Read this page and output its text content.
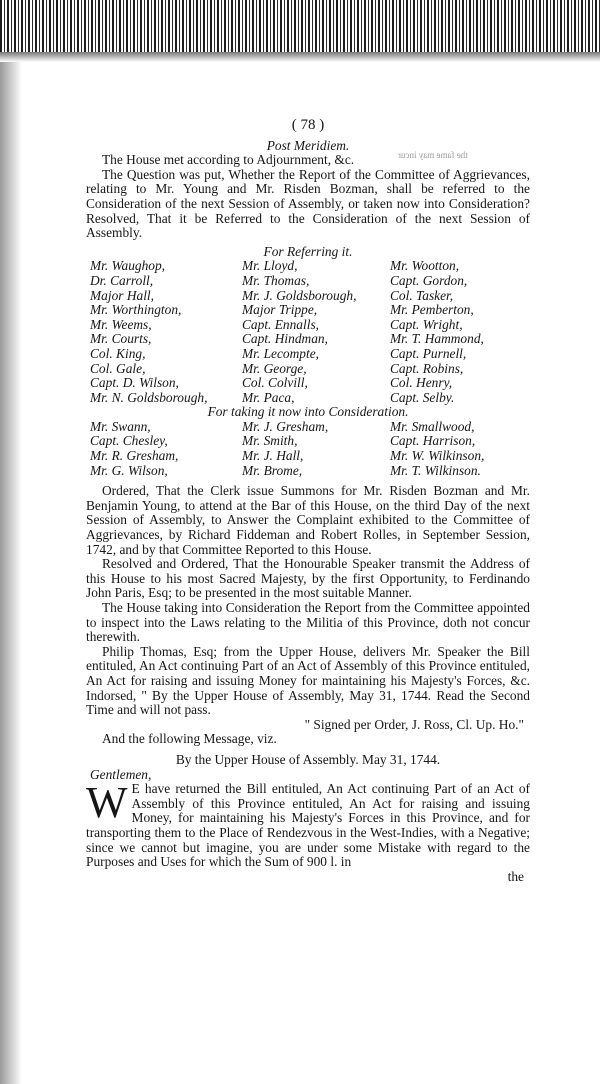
the fame may incur
( 78 )
Post Meridiem.

The House met according to Adjournment, &c.

The Question was put, Whether the Report of the Committee of Aggrievances, relating to Mr. Young and Mr. Risden Bozman, shall be referred to the Consideration of the next Session of Assembly, or taken now into Consideration? Resolved, That it be Referred to the Consideration of the next Session of Assembly.

For Referring it.
Mr. Waughop,	Mr. Lloyd,	Mr. Wootton,
Dr. Carroll,	Mr. Thomas,	Capt. Gordon,
Major Hall,	Mr. J. Goldsborough,	Col. Tasker,
Mr. Worthington,	Major Trippe,	Mr. Pemberton,
Mr. Weems,	Capt. Ennalls,	Capt. Wright,
Mr. Courts,	Capt. Hindman,	Mr. T. Hammond,
Col. King,	Mr. Lecompte,	Capt. Purnell,
Col. Gale,	Mr. George,	Capt. Robins,
Capt. D. Wilson,	Col. Colvill,	Col. Henry,
Mr. N. Goldsborough,	Mr. Paca,	Capt. Selby.
For taking it now into Consideration.
Mr. Swann,	Mr. J. Gresham,	Mr. Smallwood,
Capt. Chesley,	Mr. Smith,	Capt. Harrison,
Mr. R. Gresham,	Mr. J. Hall,	Mr. W. Wilkinson,
Mr. G. Wilson,	Mr. Brome,	Mr. T. Wilkinson.

Ordered, That the Clerk issue Summons for Mr. Risden Bozman and Mr. Benjamin Young, to attend at the Bar of this House, on the third Day of the next Session of Assembly, to Answer the Complaint exhibited to the Committee of Aggrievances, by Richard Fiddeman and Robert Rolles, in September Session, 1742, and by that Committee Reported to this House.

Resolved and Ordered, That the Honourable Speaker transmit the Address of this House to his most Sacred Majesty, by the first Opportunity, to Ferdinando John Paris, Esq; to be presented in the most suitable Manner.

The House taking into Consideration the Report from the Committee appointed to inspect into the Laws relating to the Militia of this Province, doth not concur therewith.

Philip Thomas, Esq; from the Upper House, delivers Mr. Speaker the Bill entituled, An Act continuing Part of an Act of Assembly of this Province entituled, An Act for raising and issuing Money for maintaining his Majesty's Forces, &c. Indorsed, " By the Upper House of Assembly, May 31, 1744. Read the Second Time and will not pass.

" Signed per Order, J. Ross, Cl. Up. Ho."

And the following Message, viz.

By the Upper House of Assembly. May 31, 1744.
Gentlemen,
W E have returned the Bill entituled, An Act continuing Part of an Act of Assembly of this Province entituled, An Act for raising and issuing Money, for maintaining his Majesty's Forces in this Province, and for transporting them to the Place of Rendezvous in the West-Indies, with a Negative; since we cannot but imagine, you are under some Mistake with regard to the Purposes and Uses for which the Sum of 900 l. in

the
